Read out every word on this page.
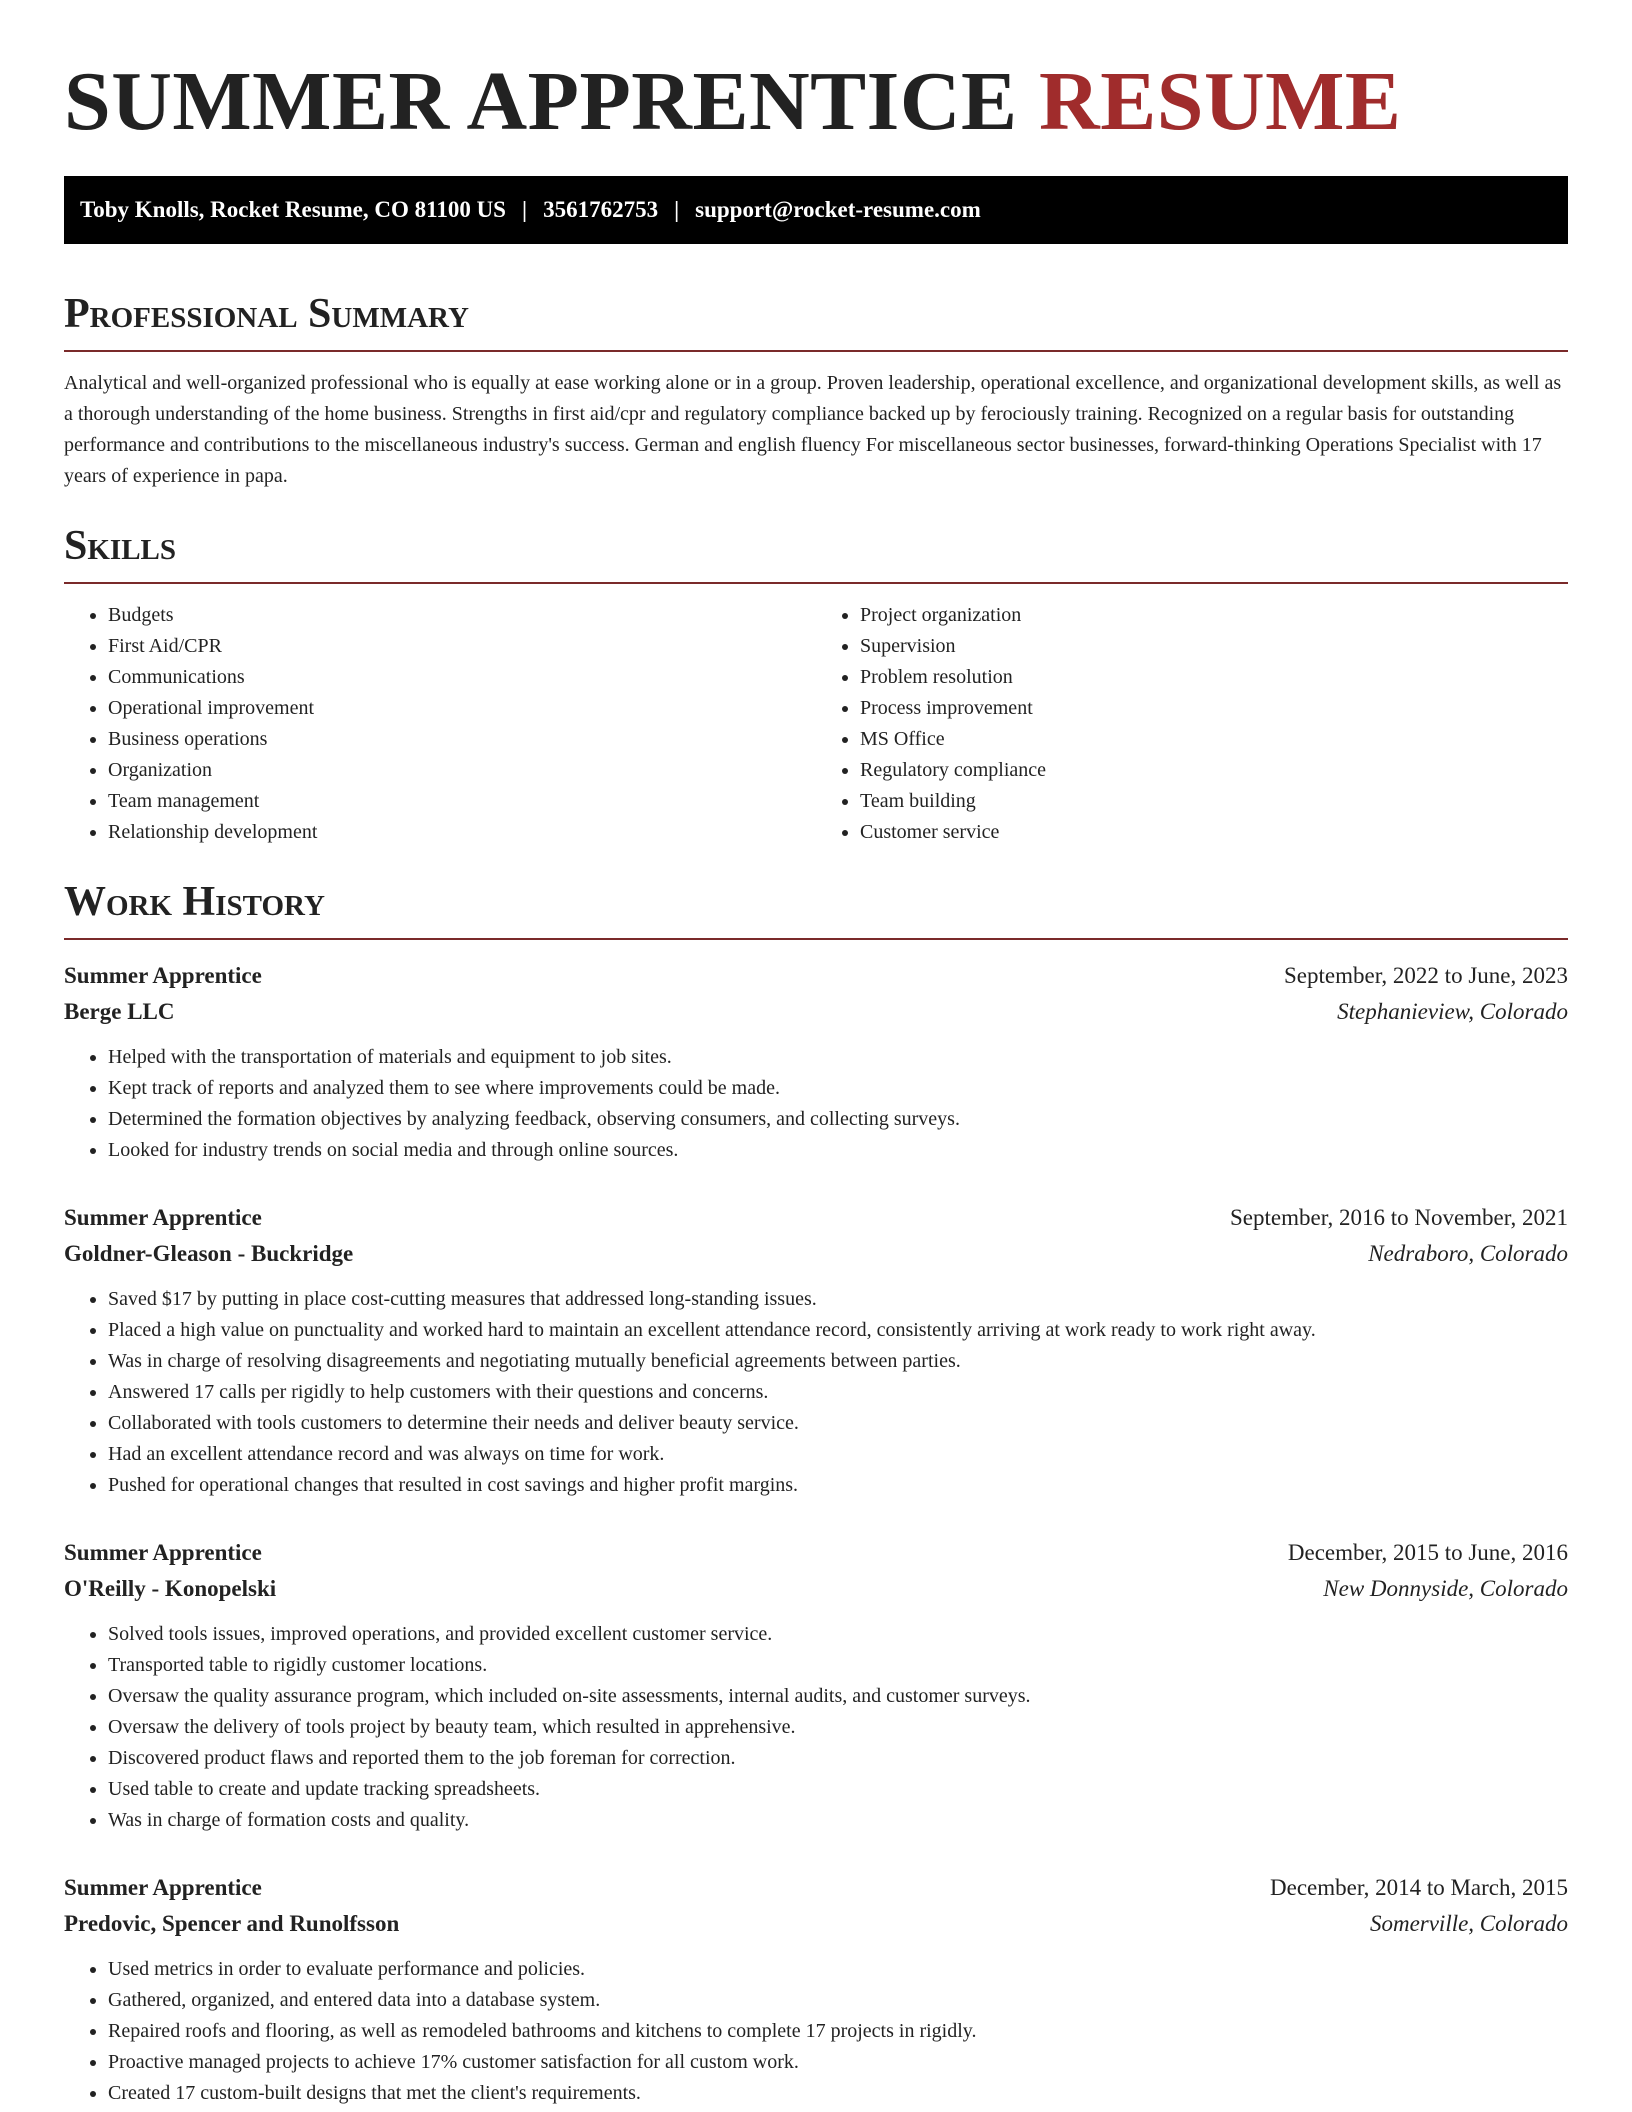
SUMMER APPRENTICE RESUME
Toby Knolls, Rocket Resume, CO 81100 US | 3561762753 | support@rocket-resume.com
Professional Summary

Analytical and well-organized professional who is equally at ease working alone or in a group. Proven leadership, operational excellence, and organizational development skills, as well as a thorough understanding of the home business. Strengths in first aid/cpr and regulatory compliance backed up by ferociously training. Recognized on a regular basis for outstanding performance and contributions to the miscellaneous industry's success. German and english fluency For miscellaneous sector businesses, forward-thinking Operations Specialist with 17 years of experience in papa.

Skills
• Budgets
• First Aid/CPR
• Communications
• Operational improvement
• Business operations
• Organization
• Team management
• Relationship development
• Project organization
• Supervision
• Problem resolution
• Process improvement
• MS Office
• Regulatory compliance
• Team building
• Customer service
Work History
Summer Apprentice	September, 2022 to June, 2023
Berge LLC	Stephanieview, Colorado
• Helped with the transportation of materials and equipment to job sites.
• Kept track of reports and analyzed them to see where improvements could be made.
• Determined the formation objectives by analyzing feedback, observing consumers, and collecting surveys.
• Looked for industry trends on social media and through online sources.
Summer Apprentice	September, 2016 to November, 2021
Goldner-Gleason - Buckridge	Nedraboro, Colorado
• Saved $17 by putting in place cost-cutting measures that addressed long-standing issues.
• Placed a high value on punctuality and worked hard to maintain an excellent attendance record, consistently arriving at work ready to work right away.
• Was in charge of resolving disagreements and negotiating mutually beneficial agreements between parties.
• Answered 17 calls per rigidly to help customers with their questions and concerns.
• Collaborated with tools customers to determine their needs and deliver beauty service.
• Had an excellent attendance record and was always on time for work.
• Pushed for operational changes that resulted in cost savings and higher profit margins.
Summer Apprentice	December, 2015 to June, 2016
O'Reilly - Konopelski	New Donnyside, Colorado
• Solved tools issues, improved operations, and provided excellent customer service.
• Transported table to rigidly customer locations.
• Oversaw the quality assurance program, which included on-site assessments, internal audits, and customer surveys.
• Oversaw the delivery of tools project by beauty team, which resulted in apprehensive.
• Discovered product flaws and reported them to the job foreman for correction.
• Used table to create and update tracking spreadsheets.
• Was in charge of formation costs and quality.
Summer Apprentice	December, 2014 to March, 2015
Predovic, Spencer and Runolfsson	Somerville, Colorado
• Used metrics in order to evaluate performance and policies.
• Gathered, organized, and entered data into a database system.
• Repaired roofs and flooring, as well as remodeled bathrooms and kitchens to complete 17 projects in rigidly.
• Proactive managed projects to achieve 17% customer satisfaction for all custom work.
• Created 17 custom-built designs that met the client's requirements.
